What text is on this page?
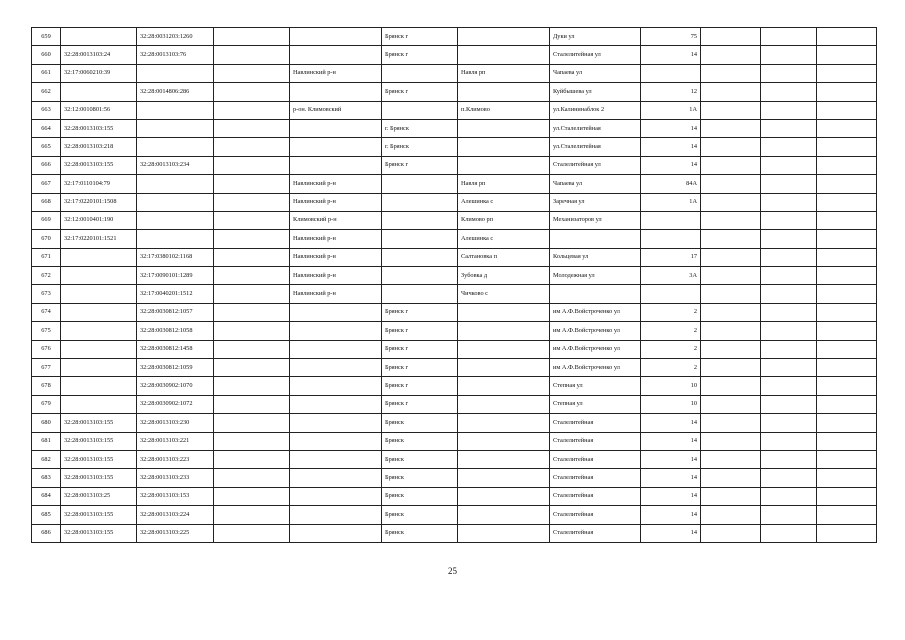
659		32:28:0031203:1260			Брянск г		Дуки ул	75			
660	32:28:0013103:24	32:28:0013103:76			Брянск г		Сталелитейная ул	14			
661	32:17:0060210:39			Навлинский р-н		Навля рп	Чапаева ул				
662		32:28:0014806:286			Брянск г		Куйбышева ул	12			
663	32:12:0010801:56			р-он. Климовский		п.Климово	ул.Калининаблок 2	1А			
664	32:28:0013103:155				г. Брянск		ул.Сталелитейная	14			
665	32:28:0013103:218				г. Брянск		ул.Сталелитейная	14			
666	32:28:0013103:155	32:28:0013103:234			Брянск г		Сталелитейная ул	14			
667	32:17:0110104:79			Навлинский р-н		Навля рп	Чапаева ул	84А			
668	32:17:0220101:1508			Навлинский р-н		Алешинка с	Заречная ул	1А			
669	32:12:0010401:190			Климовский р-н		Климово рп	Механизаторов ул				
670	32:17:0220101:1521			Навлинский р-н		Алешинка с					
671		32:17:0380102:1168		Навлинский р-н		Салтановка п	Кольцевая ул	17			
672		32:17:0090101:1289		Навлинский р-н		Зубовка д	Молодежная ул	3А			
673		32:17:0040201:1512		Навлинский р-н		Чичково с					
674		32:28:0030812:1057			Брянск г		им А.Ф.Войстроченко ул	2			
675		32:28:0030812:1058			Брянск г		им А.Ф.Войстроченко ул	2			
676		32:28:0030812:1458			Брянск г		им А.Ф.Войстроченко ул	2			
677		32:28:0030812:1059			Брянск г		им А.Ф.Войстроченко ул	2			
678		32:28:0030902:1070			Брянск г		Степная ул	10			
679		32:28:0030902:1072			Брянск г		Степная ул	10			
680	32:28:0013103:155	32:28:0013103:230			Брянск		Сталелитейная	14			
681	32:28:0013103:155	32:28:0013103:221			Брянск		Сталелитейная	14			
682	32:28:0013103:155	32:28:0013103:223			Брянск		Сталелитейная	14			
683	32:28:0013103:155	32:28:0013103:233			Брянск		Сталелитейная	14			
684	32:28:0013103:25	32:28:0013103:153			Брянск		Сталелитейная	14			
685	32:28:0013103:155	32:28:0013103:224			Брянск		Сталелитейная	14			
686	32:28:0013103:155	32:28:0013103:225			Брянск		Сталелитейная	14			
25
